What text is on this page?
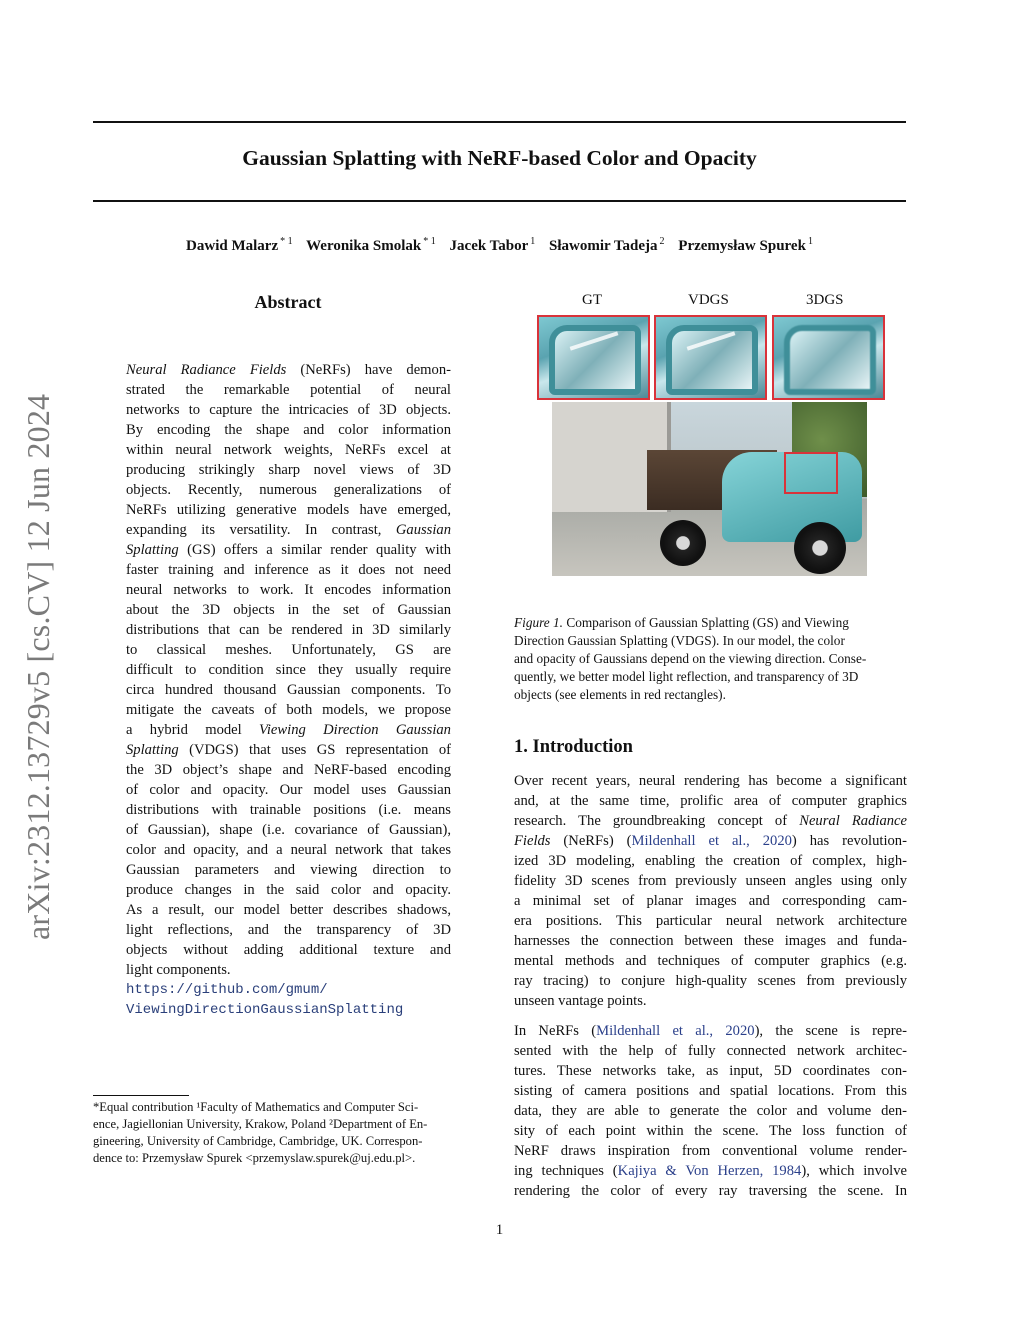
Gaussian Splatting with NeRF-based Color and Opacity
Dawid Malarz $^{* 1}$ Weronika Smolak $^{* 1}$ Jacek Tabor $^1$ Sławomir Tadeja $^2$ Przemysław Spurek $^1$
arXiv:2312.13729v5 [cs.CV] 12 Jun 2024
Abstract
Neural Radiance Fields (NeRFs) have demon-
strated the remarkable potential of neural
networks to capture the intricacies of 3D objects.
By encoding the shape and color information
within neural network weights, NeRFs excel at
producing strikingly sharp novel views of 3D
objects. Recently, numerous generalizations of
NeRFs utilizing generative models have emerged,
expanding its versatility. In contrast, Gaussian
Splatting (GS) offers a similar render quality with
faster training and inference as it does not need
neural networks to work. It encodes information
about the 3D objects in the set of Gaussian
distributions that can be rendered in 3D similarly
to classical meshes. Unfortunately, GS are
difficult to condition since they usually require
circa hundred thousand Gaussian components. To
mitigate the caveats of both models, we propose
a hybrid model Viewing Direction Gaussian
Splatting (VDGS) that uses GS representation of
the 3D object’s shape and NeRF-based encoding
of color and opacity. Our model uses Gaussian
distributions with trainable positions (i.e. means
of Gaussian), shape (i.e. covariance of Gaussian),
color and opacity, and a neural network that takes
Gaussian parameters and viewing direction to
produce changes in the said color and opacity.
As a result, our model better describes shadows,
light reflections, and the transparency of 3D
objects without adding additional texture and
light components.
https://github.com/gmum/
ViewingDirectionGaussianSplatting
*Equal contribution ¹Faculty of Mathematics and Computer Sci-
ence, Jagiellonian University, Krakow, Poland ²Department of En-
gineering, University of Cambridge, Cambridge, UK. Correspon-
dence to: Przemysław Spurek <przemyslaw.spurek@uj.edu.pl>.
GT	VDGS	3DGS
Figure 1. Comparison of Gaussian Splatting (GS) and Viewing
Direction Gaussian Splatting (VDGS). In our model, the color
and opacity of Gaussians depend on the viewing direction. Conse-
quently, we better model light reflection, and transparency of 3D
objects (see elements in red rectangles).
1. Introduction
Over recent years, neural rendering has become a significant
and, at the same time, prolific area of computer graphics
research. The groundbreaking concept of Neural Radiance
Fields (NeRFs) (Mildenhall et al., 2020) has revolution-
ized 3D modeling, enabling the creation of complex, high-
fidelity 3D scenes from previously unseen angles using only
a minimal set of planar images and corresponding cam-
era positions. This particular neural network architecture
harnesses the connection between these images and funda-
mental methods and techniques of computer graphics (e.g.
ray tracing) to conjure high-quality scenes from previously
unseen vantage points.
In NeRFs (Mildenhall et al., 2020), the scene is repre-
sented with the help of fully connected network architec-
tures. These networks take, as input, 5D coordinates con-
sisting of camera positions and spatial locations. From this
data, they are able to generate the color and volume den-
sity of each point within the scene. The loss function of
NeRF draws inspiration from conventional volume render-
ing techniques (Kajiya & Von Herzen, 1984), which involve
rendering the color of every ray traversing the scene. In
1
